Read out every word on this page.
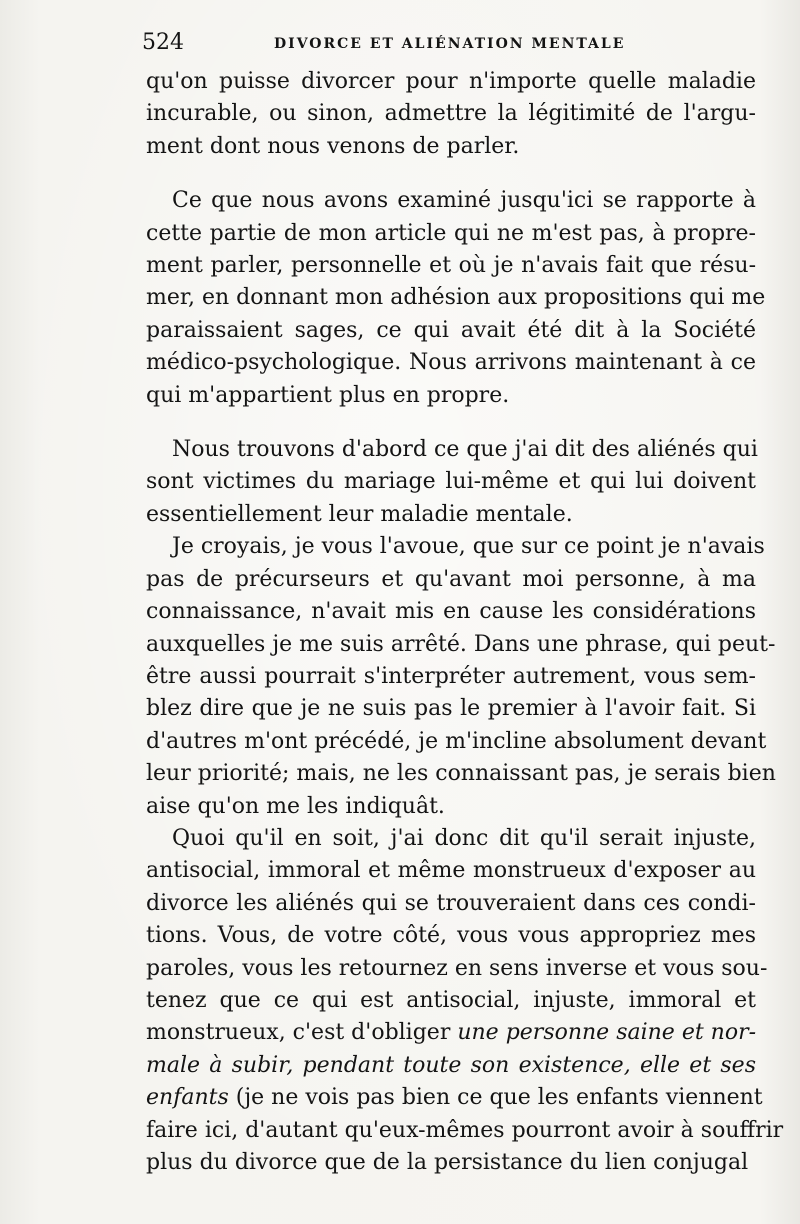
524	DIVORCE ET ALIÉNATION MENTALE
qu'on puisse divorcer pour n'importe quelle maladie
incurable, ou sinon, admettre la légitimité de l'argu-
ment dont nous venons de parler.
Ce que nous avons examiné jusqu'ici se rapporte à
cette partie de mon article qui ne m'est pas, à propre-
ment parler, personnelle et où je n'avais fait que résu-
mer, en donnant mon adhésion aux propositions qui me
paraissaient sages, ce qui avait été dit à la Société
médico-psychologique. Nous arrivons maintenant à ce
qui m'appartient plus en propre.
Nous trouvons d'abord ce que j'ai dit des aliénés qui
sont victimes du mariage lui-même et qui lui doivent
essentiellement leur maladie mentale.
Je croyais, je vous l'avoue, que sur ce point je n'avais
pas de précurseurs et qu'avant moi personne, à ma
connaissance, n'avait mis en cause les considérations
auxquelles je me suis arrêté. Dans une phrase, qui peut-
être aussi pourrait s'interpréter autrement, vous sem-
blez dire que je ne suis pas le premier à l'avoir fait. Si
d'autres m'ont précédé, je m'incline absolument devant
leur priorité; mais, ne les connaissant pas, je serais bien
aise qu'on me les indiquât.
Quoi qu'il en soit, j'ai donc dit qu'il serait injuste,
antisocial, immoral et même monstrueux d'exposer au
divorce les aliénés qui se trouveraient dans ces condi-
tions. Vous, de votre côté, vous vous appropriez mes
paroles, vous les retournez en sens inverse et vous sou-
tenez que ce qui est antisocial, injuste, immoral et
monstrueux, c'est d'obliger une personne saine et nor-
male à subir, pendant toute son existence, elle et ses
enfants (je ne vois pas bien ce que les enfants viennent
faire ici, d'autant qu'eux-mêmes pourront avoir à souffrir
plus du divorce que de la persistance du lien conjugal
